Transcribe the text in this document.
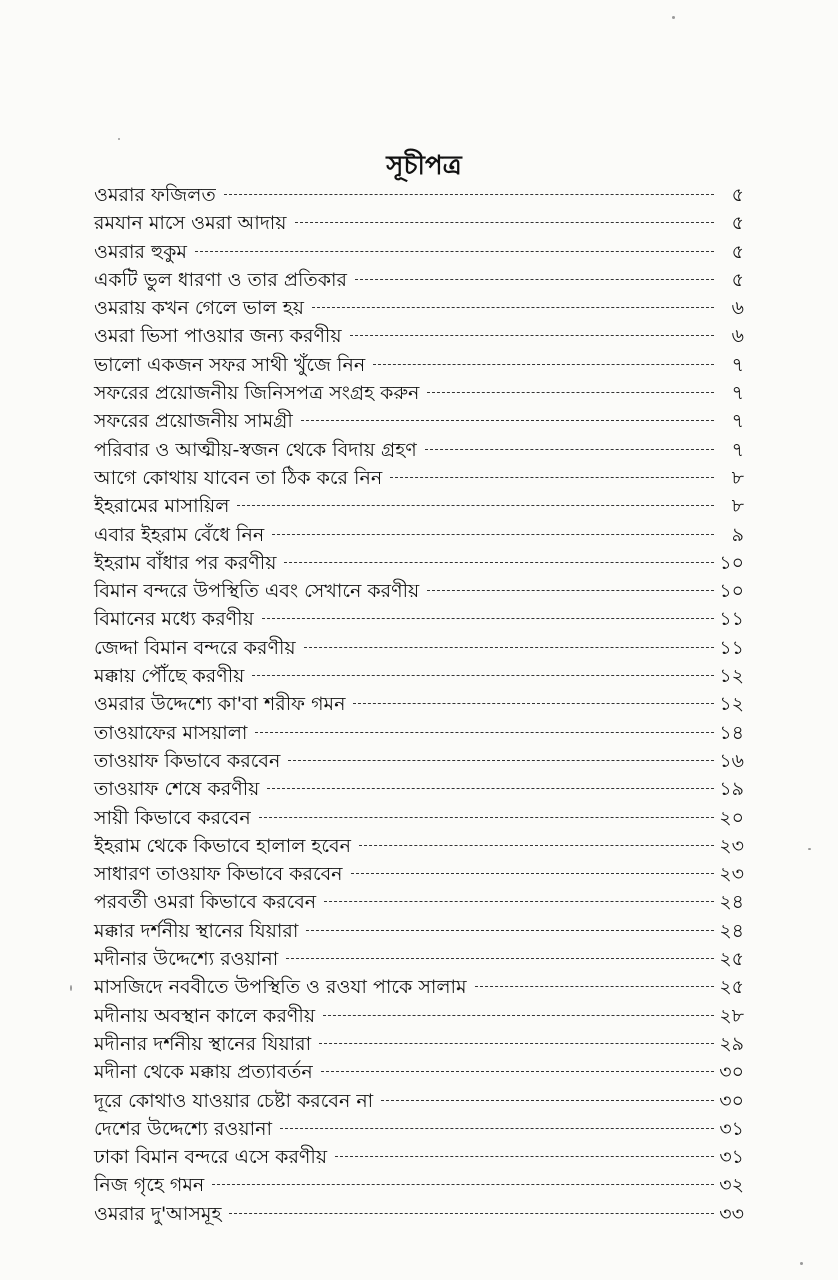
সূচীপত্র
ওমরার ফজিলত	৫
রমযান মাসে ওমরা আদায়	৫
ওমরার হুকুম	৫
একটি ভুল ধারণা ও তার প্রতিকার	৫
ওমরায় কখন গেলে ভাল হয়	৬
ওমরা ভিসা পাওয়ার জন্য করণীয়	৬
ভালো একজন সফর সাথী খুঁজে নিন	৭
সফরের প্রয়োজনীয় জিনিসপত্র সংগ্রহ করুন	৭
সফরের প্রয়োজনীয় সামগ্রী	৭
পরিবার ও আত্মীয়-স্বজন থেকে বিদায় গ্রহণ	৭
আগে কোথায় যাবেন তা ঠিক করে নিন	৮
ইহরামের মাসায়িল	৮
এবার ইহরাম বেঁধে নিন	৯
ইহরাম বাঁধার পর করণীয়	১০
বিমান বন্দরে উপস্থিতি এবং সেখানে করণীয়	১০
বিমানের মধ্যে করণীয়	১১
জেদ্দা বিমান বন্দরে করণীয়	১১
মক্কায় পৌঁছে করণীয়	১২
ওমরার উদ্দেশ্যে কা'বা শরীফ গমন	১২
তাওয়াফের মাসয়ালা	১৪
তাওয়াফ কিভাবে করবেন	১৬
তাওয়াফ শেষে করণীয়	১৯
সায়ী কিভাবে করবেন	২০
ইহরাম থেকে কিভাবে হালাল হবেন	২৩
সাধারণ তাওয়াফ কিভাবে করবেন	২৩
পরবর্তী ওমরা কিভাবে করবেন	২৪
মক্কার দর্শনীয় স্থানের যিয়ারা	২৪
মদীনার উদ্দেশ্যে রওয়ানা	২৫
মাসজিদে নববীতে উপস্থিতি ও রওযা পাকে সালাম	২৫
মদীনায় অবস্থান কালে করণীয়	২৮
মদীনার দর্শনীয় স্থানের যিয়ারা	২৯
মদীনা থেকে মক্কায় প্রত্যাবর্তন	৩০
দূরে কোথাও যাওয়ার চেষ্টা করবেন না	৩০
দেশের উদ্দেশ্যে রওয়ানা	৩১
ঢাকা বিমান বন্দরে এসে করণীয়	৩১
নিজ গৃহে গমন	৩২
ওমরার দু'আসমূহ	৩৩
